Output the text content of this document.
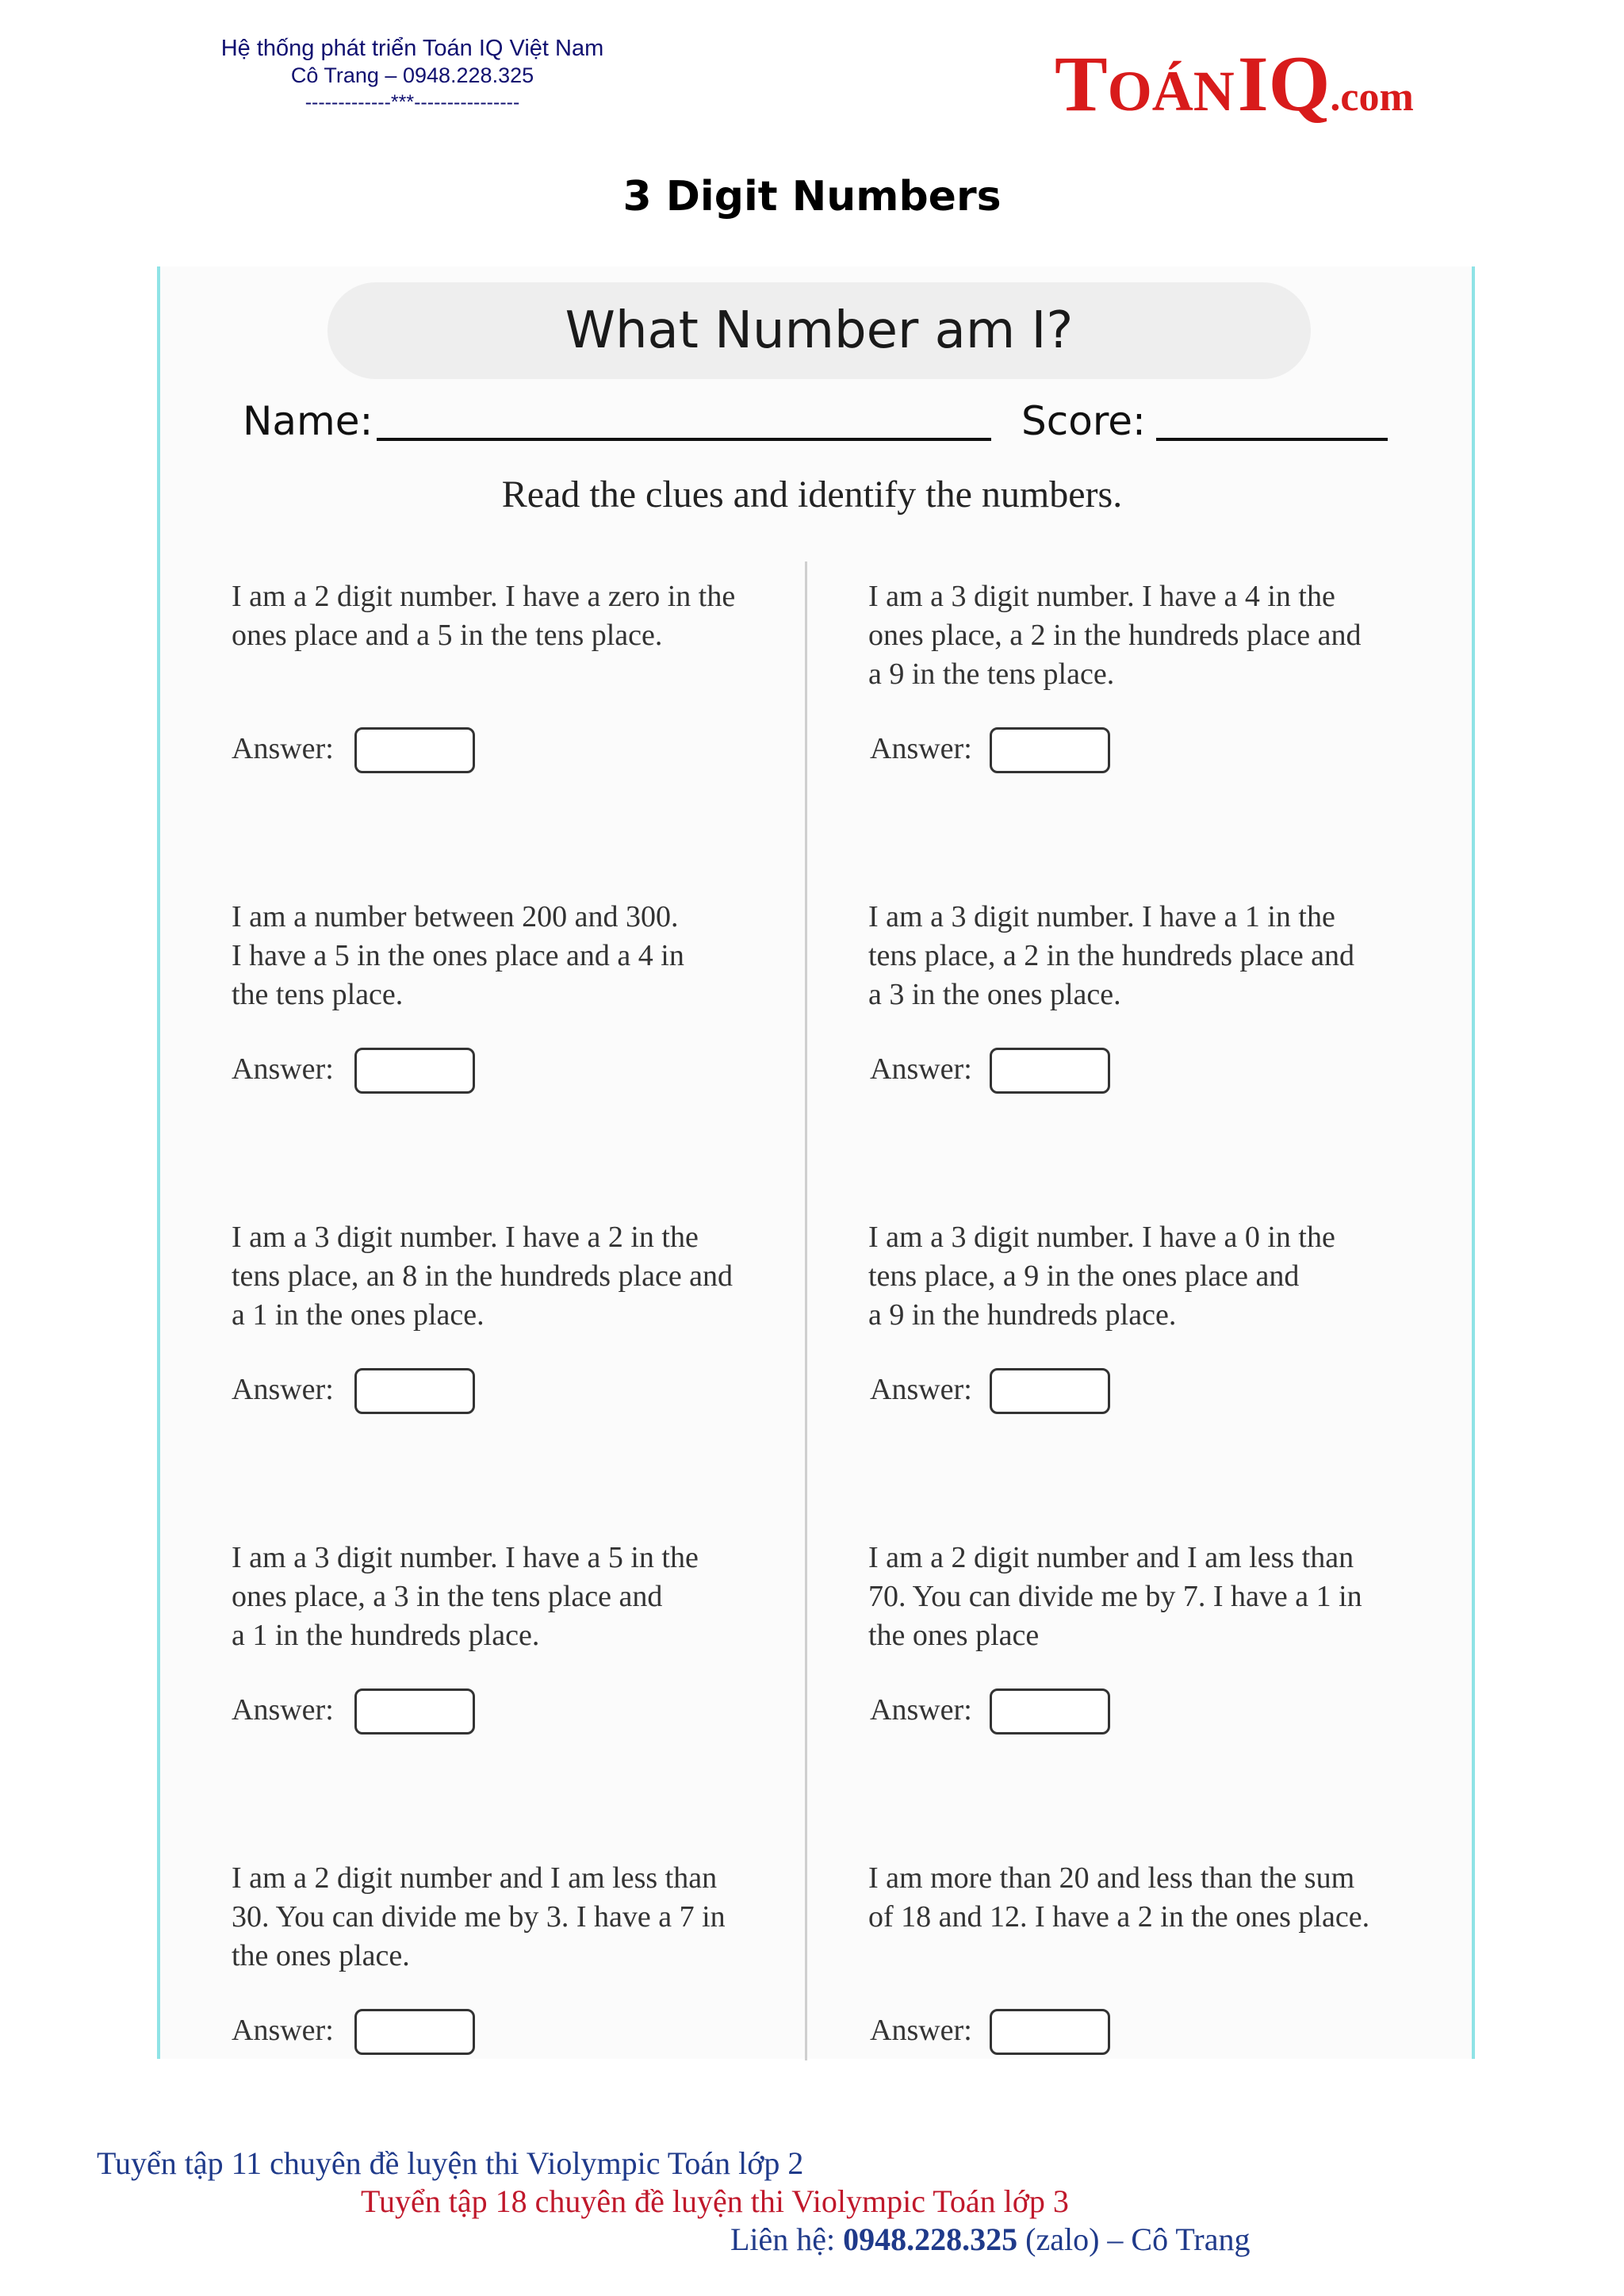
Hệ thống phát triển Toán IQ Việt Nam
Cô Trang – 0948.228.325
-------------***----------------	TOÁN IQ.com
3 Digit Numbers
What Number am I?
Name:	Score:
Read the clues and identify the numbers.
I am a 2 digit number. I have a zero in the
ones place and a 5 in the tens place.
Answer:
I am a number between 200 and 300.
I have a 5 in the ones place and a 4 in
the tens place.
Answer:
I am a 3 digit number. I have a 2 in the
tens place, an 8 in the hundreds place and
a 1 in the ones place.
Answer:
I am a 3 digit number. I have a 5 in the
ones place, a 3 in the tens place and
a 1 in the hundreds place.
Answer:
I am a 2 digit number and I am less than
30. You can divide me by 3. I have a 7 in
the ones place.
Answer:
I am a 3 digit number. I have a 4 in the
ones place, a 2 in the hundreds place and
a 9 in the tens place.
Answer:
I am a 3 digit number. I have a 1 in the
tens place, a 2 in the hundreds place and
a 3 in the ones place.
Answer:
I am a 3 digit number. I have a 0 in the
tens place, a 9 in the ones place and
a 9 in the hundreds place.
Answer:
I am a 2 digit number and I am less than
70. You can divide me by 7. I have a 1 in
the ones place
Answer:
I am more than 20 and less than the sum
of 18 and 12. I have a 2 in the ones place.
Answer:
Tuyển tập 11 chuyên đề luyện thi Violympic Toán lớp 2
Tuyển tập 18 chuyên đề luyện thi Violympic Toán lớp 3
Liên hệ: 0948.228.325 (zalo) – Cô Trang
